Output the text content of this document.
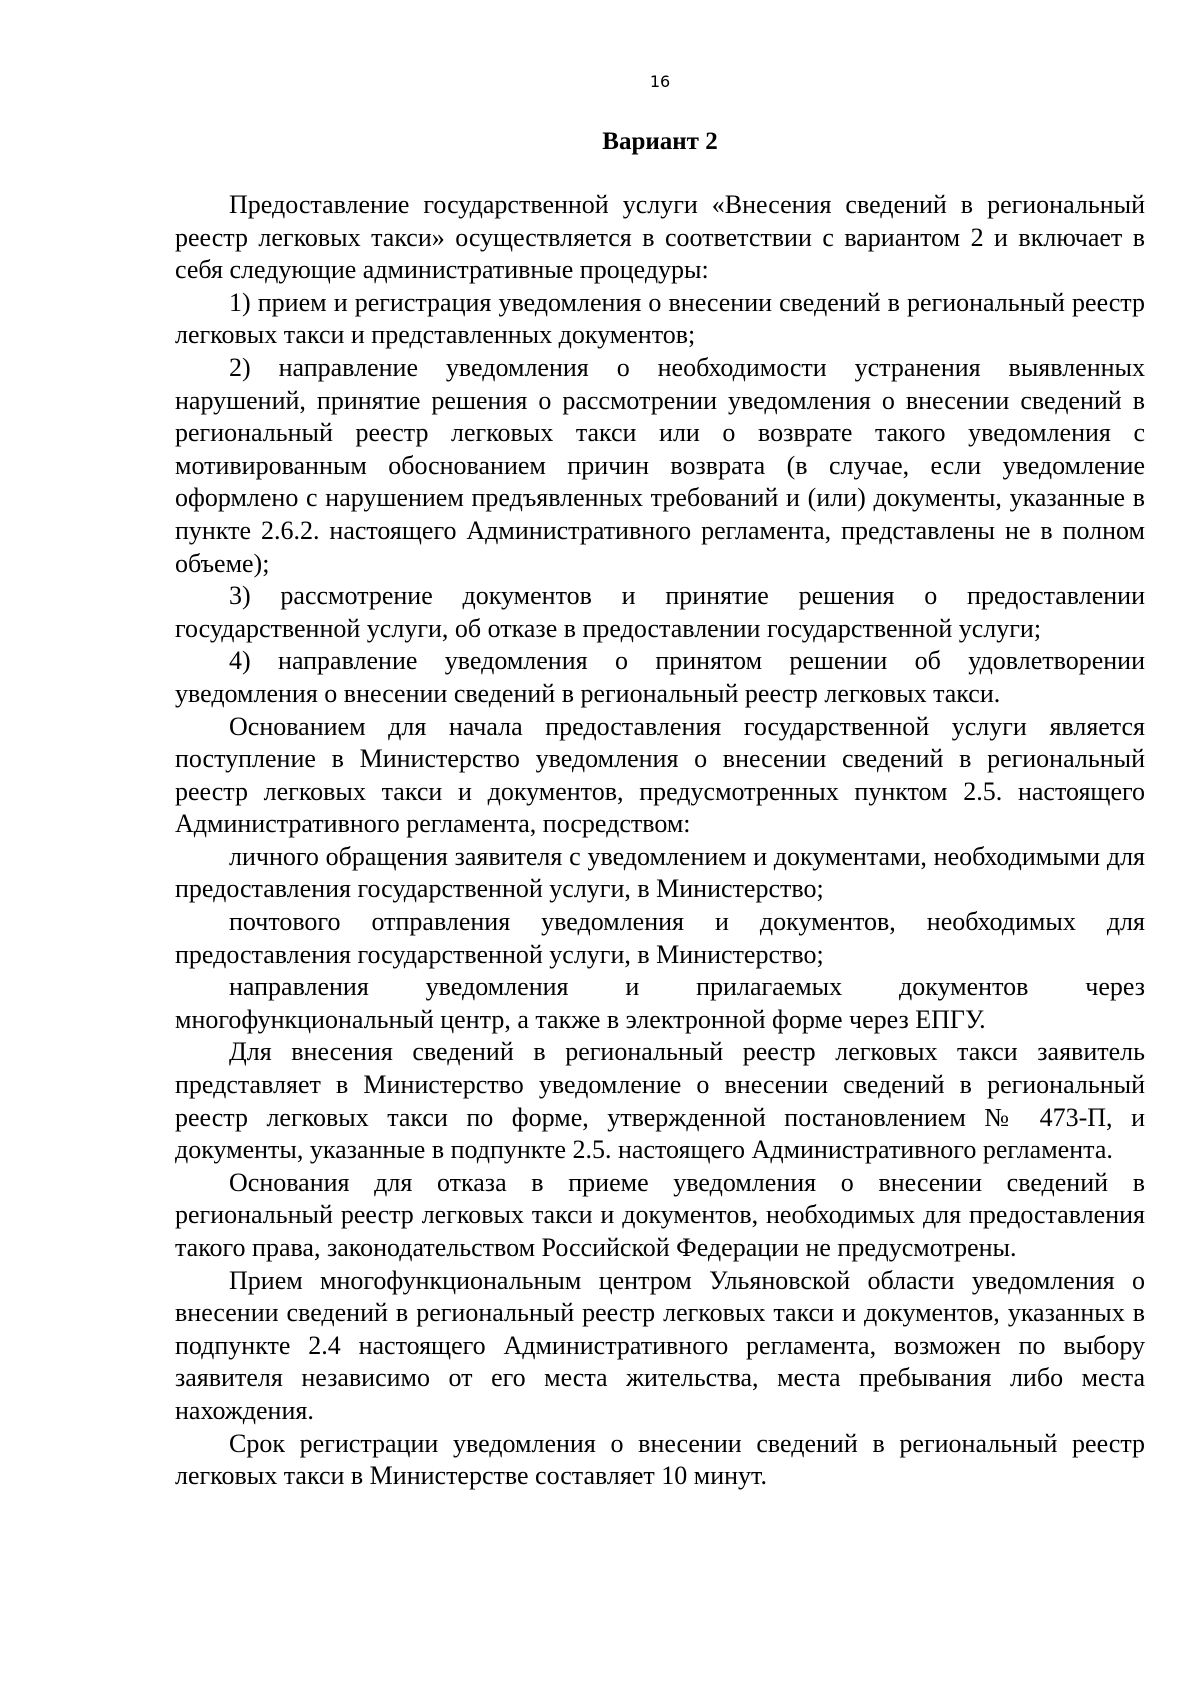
16
Вариант 2

Предоставление государственной услуги «Внесения сведений в региональный реестр легковых такси» осуществляется в соответствии с вариантом 2 и включает в себя следующие административные процедуры:

1) прием и регистрация уведомления о внесении сведений в региональный реестр легковых такси и представленных документов;

2) направление уведомления о необходимости устранения выявленных нарушений, принятие решения о рассмотрении уведомления о внесении сведений в региональный реестр легковых такси или о возврате такого уведомления с мотивированным обоснованием причин возврата (в случае, если уведомление оформлено с нарушением предъявленных требований и (или) документы, указанные в пункте 2.6.2. настоящего Административного регламента, представлены не в полном объеме);

3) рассмотрение документов и принятие решения о предоставлении государственной услуги, об отказе в предоставлении государственной услуги;

4) направление уведомления о принятом решении об удовлетворении уведомления о внесении сведений в региональный реестр легковых такси.

Основанием для начала предоставления государственной услуги является поступление в Министерство уведомления о внесении сведений в региональный реестр легковых такси и документов, предусмотренных пунктом 2.5. настоящего Административного регламента, посредством:

личного обращения заявителя с уведомлением и документами, необходимыми для предоставления государственной услуги, в Министерство;

почтового отправления уведомления и документов, необходимых для предоставления государственной услуги, в Министерство;

направления уведомления и прилагаемых документов через многофункциональный центр, а также в электронной форме через ЕПГУ.

Для внесения сведений в региональный реестр легковых такси заявитель представляет в Министерство уведомление о внесении сведений в региональный реестр легковых такси по форме, утвержденной постановлением № 473-П, и документы, указанные в подпункте 2.5. настоящего Административного регламента.

Основания для отказа в приеме уведомления о внесении сведений в региональный реестр легковых такси и документов, необходимых для предоставления такого права, законодательством Российской Федерации не предусмотрены.

Прием многофункциональным центром Ульяновской области уведомления о внесении сведений в региональный реестр легковых такси и документов, указанных в подпункте 2.4 настоящего Административного регламента, возможен по выбору заявителя независимо от его места жительства, места пребывания либо места нахождения.

Срок регистрации уведомления о внесении сведений в региональный реестр легковых такси в Министерстве составляет 10 минут.
